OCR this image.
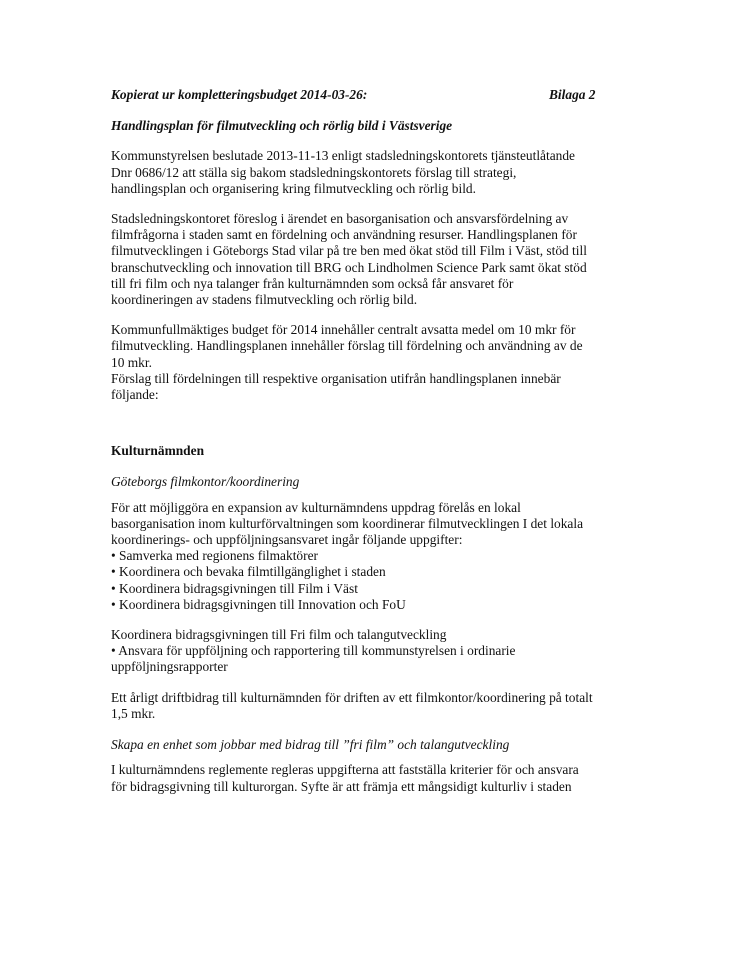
Kopierat ur kompletteringsbudget 2014-03-26:	Bilaga 2

Handlingsplan för filmutveckling och rörlig bild i Västsverige

Kommunstyrelsen beslutade 2013-11-13 enligt stadsledningskontorets tjänsteutlåtande

Dnr 0686/12 att ställa sig bakom stadsledningskontorets förslag till strategi,

handlingsplan och organisering kring filmutveckling och rörlig bild.

Stadsledningskontoret föreslog i ärendet en basorganisation och ansvarsfördelning av

filmfrågorna i staden samt en fördelning och användning resurser. Handlingsplanen för

filmutvecklingen i Göteborgs Stad vilar på tre ben med ökat stöd till Film i Väst, stöd till

branschutveckling och innovation till BRG och Lindholmen Science Park samt ökat stöd

till fri film och nya talanger från kulturnämnden som också får ansvaret för

koordineringen av stadens filmutveckling och rörlig bild.

Kommunfullmäktiges budget för 2014 innehåller centralt avsatta medel om 10 mkr för

filmutveckling. Handlingsplanen innehåller förslag till fördelning och användning av de

10 mkr.

Förslag till fördelningen till respektive organisation utifrån handlingsplanen innebär

följande:

Kulturnämnden

Göteborgs filmkontor/koordinering

För att möjliggöra en expansion av kulturnämndens uppdrag förelås en lokal

basorganisation inom kulturförvaltningen som koordinerar filmutvecklingen I det lokala

koordinerings- och uppföljningsansvaret ingår följande uppgifter:

• Samverka med regionens filmaktörer
• Koordinera och bevaka filmtillgänglighet i staden
• Koordinera bidragsgivningen till Film i Väst
• Koordinera bidragsgivningen till Innovation och FoU

Koordinera bidragsgivningen till Fri film och talangutveckling

• Ansvara för uppföljning och rapportering till kommunstyrelsen i ordinarie

uppföljningsrapporter

Ett årligt driftbidrag till kulturnämnden för driften av ett filmkontor/koordinering på totalt

1,5 mkr.

Skapa en enhet som jobbar med bidrag till ”fri film” och talangutveckling

I kulturnämndens reglemente regleras uppgifterna att fastställa kriterier för och ansvara

för bidragsgivning till kulturorgan. Syfte är att främja ett mångsidigt kulturliv i staden
